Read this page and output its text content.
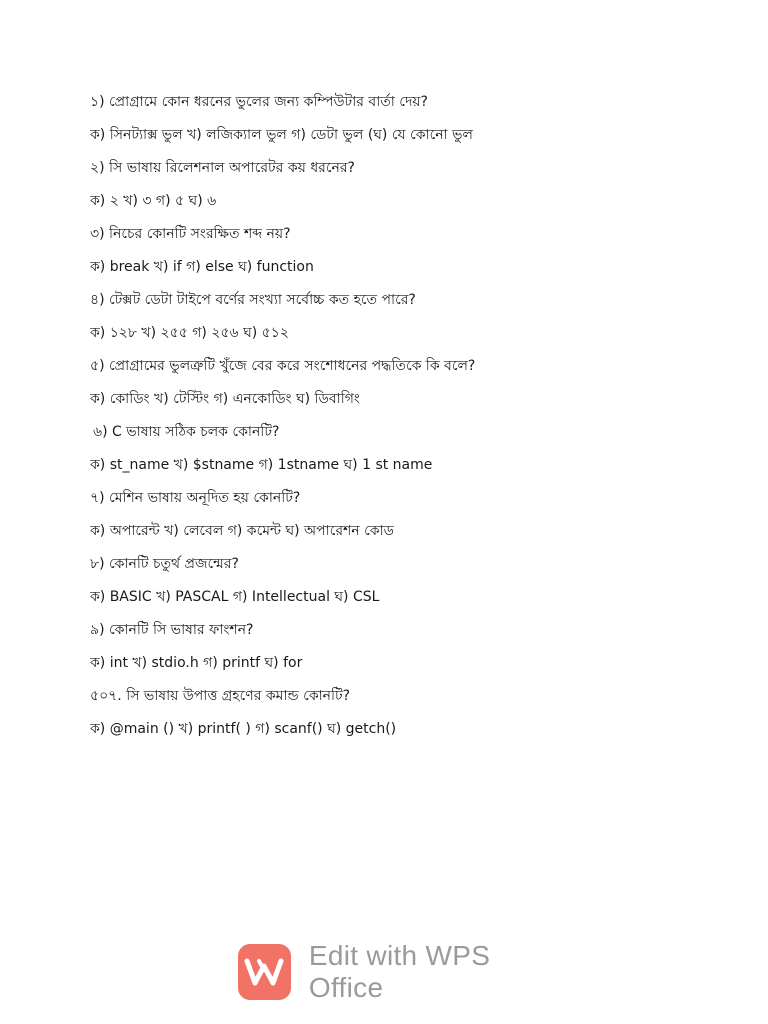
১) প্রোগ্রামে কোন ধরনের ভুলের জন্য কম্পিউটার বার্তা দেয়?
ক) সিনট্যাক্স ভুল খ) লজিক্যাল ভুল গ) ডেটা ভুল (ঘ) যে কোনো ভুল
২) সি ভাষায় রিলেশনাল অপারেটর কয় ধরনের?
ক) ২ খ) ৩ গ) ৫ ঘ) ৬
৩) নিচের কোনটি সংরক্ষিত শব্দ নয়?
ক) break খ) if গ) else ঘ) function
৪) টেক্সট ডেটা টাইপে বর্ণের সংখ্যা সর্বোচ্চ কত হতে পারে?
ক) ১২৮ খ) ২৫৫ গ) ২৫৬ ঘ) ৫১২
৫) প্রোগ্রামের ভুলত্রুটি খুঁজে বের করে সংশোধনের পদ্ধতিকে কি বলে?
ক) কোডিং খ) টেস্টিং গ) এনকোডিং ঘ) ডিবাগিং
৬) C ভাষায় সঠিক চলক কোনটি?
ক) st_name খ) $stname গ) 1stname ঘ) 1 st name
৭) মেশিন ভাষায় অনূদিত হয় কোনটি?
ক) অপারেন্ট খ) লেবেল গ) কমেন্ট ঘ) অপারেশন কোড
৮) কোনটি চতুর্থ প্রজন্মের?
ক) BASIC খ) PASCAL গ) Intellectual ঘ) CSL
৯) কোনটি সি ভাষার ফাংশন?
ক) int খ) stdio.h গ) printf ঘ) for
৫০৭. সি ভাষায় উপাত্ত গ্রহণের কমান্ড কোনটি?
ক) @main () খ) printf( ) গ) scanf() ঘ) getch()
Edit with WPS Office
